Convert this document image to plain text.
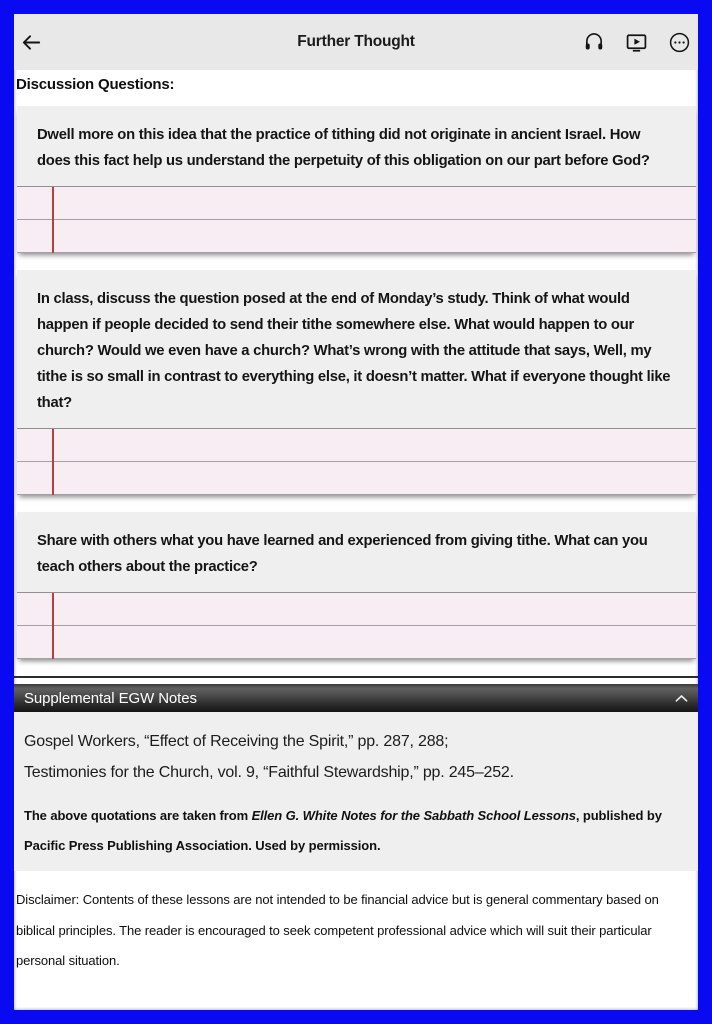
Further Thought
Discussion Questions:

Dwell more on this idea that the practice of tithing did not originate in ancient Israel. How does this fact help us understand the perpetuity of this obligation on our part before God?

In class, discuss the question posed at the end of Monday’s study. Think of what would happen if people decided to send their tithe somewhere else. What would happen to our church? Would we even have a church? What’s wrong with the attitude that says, Well, my tithe is so small in contrast to everything else, it doesn’t matter. What if everyone thought like that?

Share with others what you have learned and experienced from giving tithe. What can you teach others about the practice?

Supplemental EGW Notes

Gospel Workers, “Effect of Receiving the Spirit,” pp. 287, 288;

Testimonies for the Church, vol. 9, “Faithful Stewardship,” pp. 245–252.

The above quotations are taken from Ellen G. White Notes for the Sabbath School Lessons, published by Pacific Press Publishing Association. Used by permission.

Disclaimer: Contents of these lessons are not intended to be financial advice but is general commentary based on biblical principles. The reader is encouraged to seek competent professional advice which will suit their particular personal situation.
